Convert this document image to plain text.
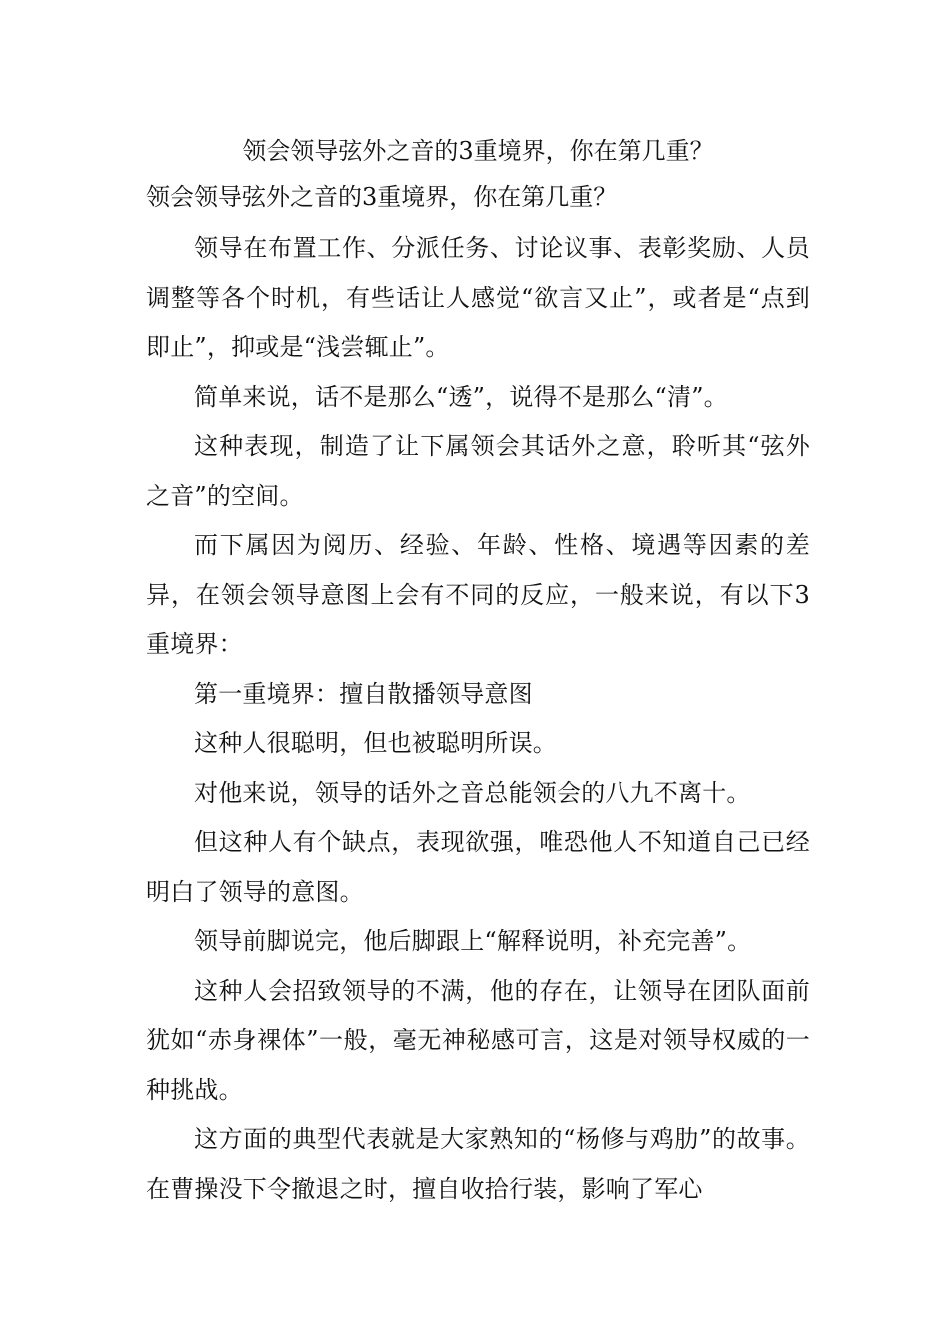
领会领导弦外之音的3重境界，你在第几重？

领会领导弦外之音的3重境界，你在第几重？

领导在布置工作、分派任务、讨论议事、表彰奖励、人员调整等各个时机，有些话让人感觉“欲言又止”，或者是“点到即止”，抑或是“浅尝辄止”。

简单来说，话不是那么“透”，说得不是那么“清”。

这种表现，制造了让下属领会其话外之意，聆听其“弦外之音”的空间。

而下属因为阅历、经验、年龄、性格、境遇等因素的差异，在领会领导意图上会有不同的反应，一般来说，有以下3重境界：

第一重境界：擅自散播领导意图

这种人很聪明，但也被聪明所误。

对他来说，领导的话外之音总能领会的八九不离十。

但这种人有个缺点，表现欲强，唯恐他人不知道自己已经明白了领导的意图。

领导前脚说完，他后脚跟上“解释说明，补充完善”。

这种人会招致领导的不满，他的存在，让领导在团队面前犹如“赤身裸体”一般，毫无神秘感可言，这是对领导权威的一种挑战。

这方面的典型代表就是大家熟知的“杨修与鸡肋”的故事。在曹操没下令撤退之时，擅自收拾行装，影响了军心
